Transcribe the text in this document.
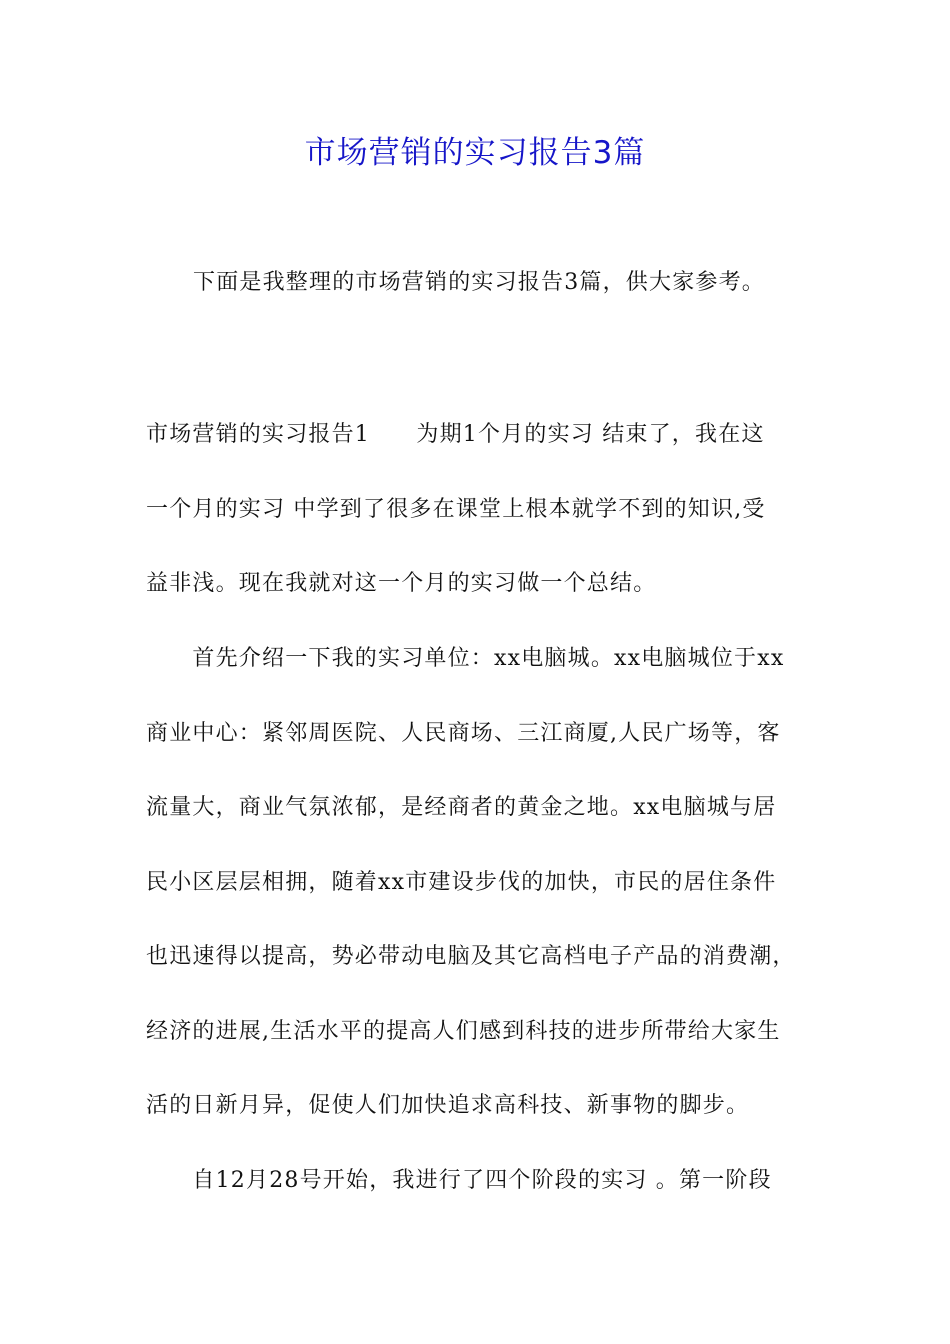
市场营销的实习报告3篇
下面是我整理的市场营销的实习报告3篇，供大家参考。
市场营销的实习报告1　　为期1个月的实习 结束了，我在这
一个月的实习 中学到了很多在课堂上根本就学不到的知识,受
益非浅。现在我就对这一个月的实习做一个总结。
　　首先介绍一下我的实习单位：xx电脑城。xx电脑城位于xx
商业中心：紧邻周医院、人民商场、三江商厦,人民广场等，客
流量大，商业气氛浓郁，是经商者的黄金之地。xx电脑城与居
民小区层层相拥，随着xx市建设步伐的加快，市民的居住条件
也迅速得以提高，势必带动电脑及其它高档电子产品的消费潮，
经济的进展,生活水平的提高人们感到科技的进步所带给大家生
活的日新月异，促使人们加快追求高科技、新事物的脚步。
　　自12月28号开始，我进行了四个阶段的实习 。第一阶段
